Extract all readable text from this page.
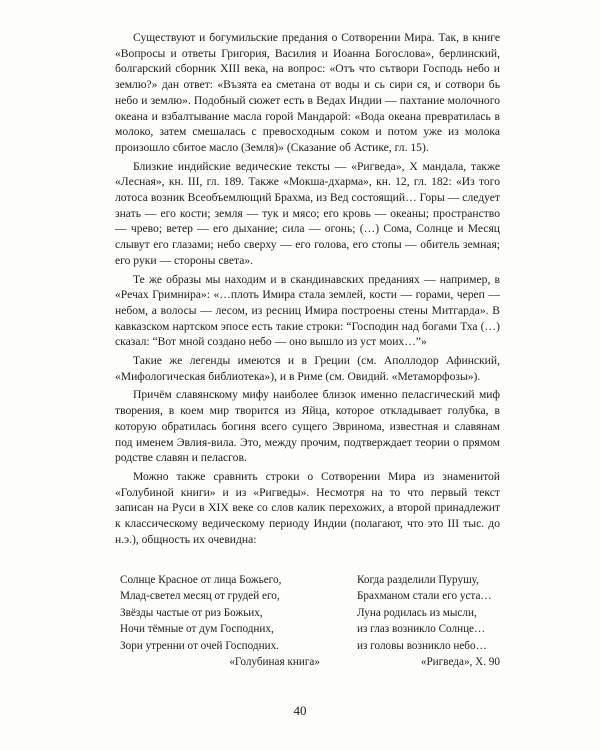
Существуют и богумильские предания о Сотворении Мира. Так, в книге «Вопросы и ответы Григория, Василия и Иоанна Богослова», берлинский, болгарский сборник XIII века, на вопрос: «Отъ что сътвори Господь небо и землю?» дан ответ: «Възятa еа сметана от воды и сь сири ся, и сотвори бь небо и землю». Подобный сюжет есть в Ведах Индии — пахтание молочного океана и взбалтывание масла горой Мандарой: «Вода океана превратилась в молоко, затем смешалась с превосходным соком и потом уже из молока произошло сбитое масло (Земля)» (Сказание об Астике, гл. 15).

Близкие индийские ведические тексты — «Ригведа», X мандала, также «Лесная», кн. III, гл. 189. Также «Мокша-дхарма», кн. 12, гл. 182: «Из того лотоса возник Всеобъемлющий Брахма, из Вед состоящий… Горы — следует знать — его кости; земля — тук и мясо; его кровь — океаны; пространство — чрево; ветер — его дыхание; сила — огонь; (…) Сома, Солнце и Месяц слывут его глазами; небо сверху — его голова, его стопы — обитель земная; его руки — стороны света».

Те же образы мы находим и в скандинавских преданиях — например, в «Речах Гримнира»: «…плоть Имира стала землей, кости — горами, череп — небом, а волосы — лесом, из ресниц Имира построены стены Митгарда». В кавказском нартском эпосе есть такие строки: “Господин над богами Тха (…) сказал: “Вот мной создано небо — оно вышло из уст моих…”»

Такие же легенды имеются и в Греции (см. Аполлодор Афинский, «Мифологическая библиотека»), и в Риме (см. Овидий. «Метаморфозы»).

Причём славянскому мифу наиболее близок именно пеласгический миф творения, в коем мир творится из Яйца, которое откладывает голубка, в которую обратилась богиня всего сущего Эвринома, известная и славянам под именем Эвлия-вила. Это, между прочим, подтверждает теории о прямом родстве славян и пеласгов.

Можно также сравнить строки о Сотворении Мира из знаменитой «Голубиной книги» и из «Ригведы». Несмотря на то что первый текст записан на Руси в XIX веке со слов калик перехожих, а второй принадлежит к классическому ведическому периоду Индии (полагают, что это III тыс. до н.э.), общность их очевидна:

Солнце Красное от лица Божьего,
Млад-светел месяц от грудей его,
Звёзды частые от риз Божьих,
Ночи тёмные от дум Господних,
Зори утренни от очей Господних.
«Голубиная книга»
Когда разделили Пурушу,
Брахманом стали его уста…
Луна родилась из мысли,
из глаз возникло Солнце…
из головы возникло небо…
«Ригведа», X. 90
40
